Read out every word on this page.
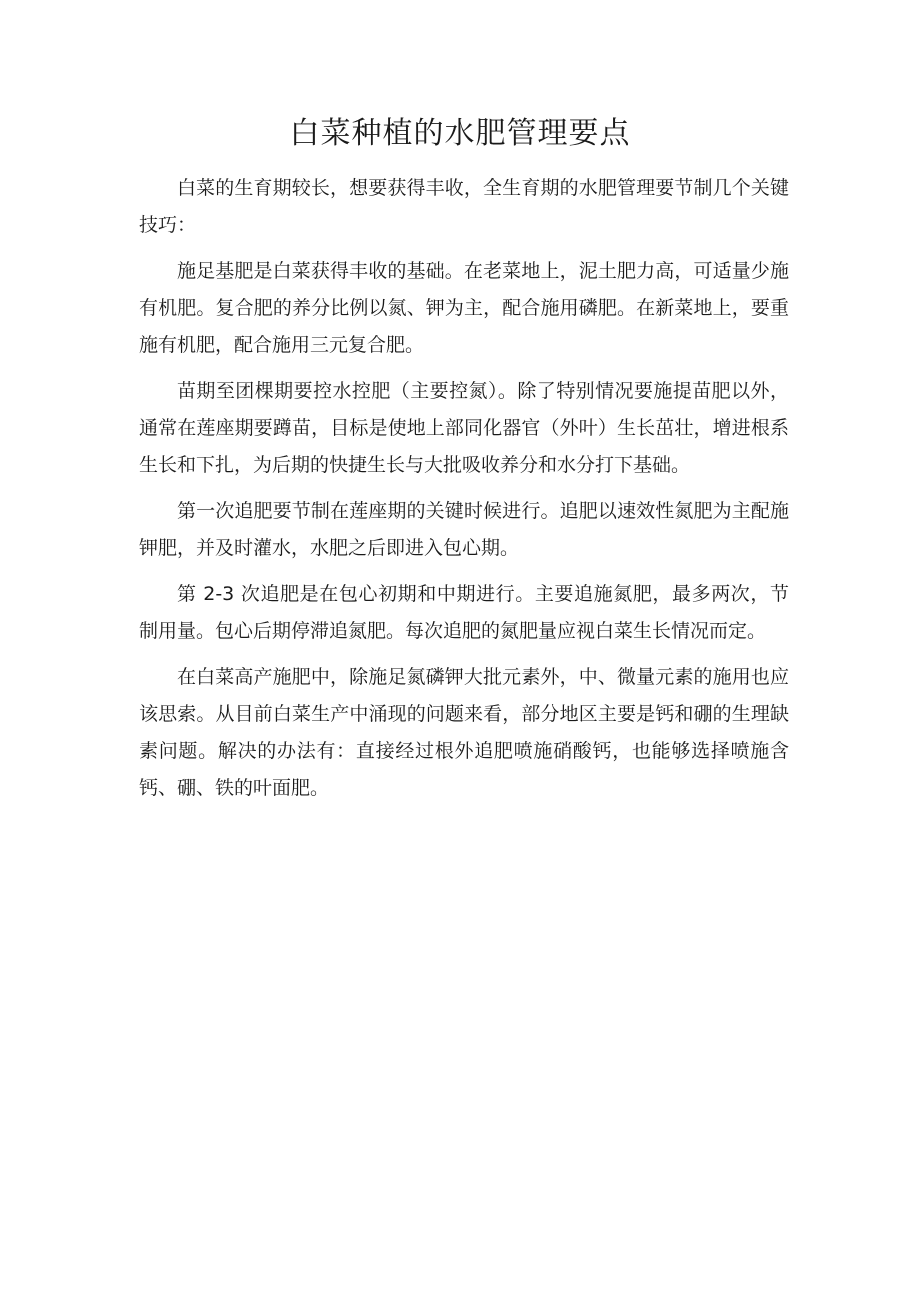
白菜种植的水肥管理要点

白菜的生育期较长，想要获得丰收，全生育期的水肥管理要节制几个关键技巧：

施足基肥是白菜获得丰收的基础。在老菜地上，泥土肥力高，可适量少施有机肥。复合肥的养分比例以氮、钾为主，配合施用磷肥。在新菜地上，要重施有机肥，配合施用三元复合肥。

苗期至团棵期要控水控肥（主要控氮）。除了特别情况要施提苗肥以外，通常在莲座期要蹲苗，目标是使地上部同化器官（外叶）生长茁壮，增进根系生长和下扎，为后期的快捷生长与大批吸收养分和水分打下基础。

第一次追肥要节制在莲座期的关键时候进行。追肥以速效性氮肥为主配施钾肥，并及时灌水，水肥之后即进入包心期。

第 2-3 次追肥是在包心初期和中期进行。主要追施氮肥，最多两次，节制用量。包心后期停滞追氮肥。每次追肥的氮肥量应视白菜生长情况而定。

在白菜高产施肥中，除施足氮磷钾大批元素外，中、微量元素的施用也应该思索。从目前白菜生产中涌现的问题来看，部分地区主要是钙和硼的生理缺素问题。解决的办法有：直接经过根外追肥喷施硝酸钙，也能够选择喷施含钙、硼、铁的叶面肥。
